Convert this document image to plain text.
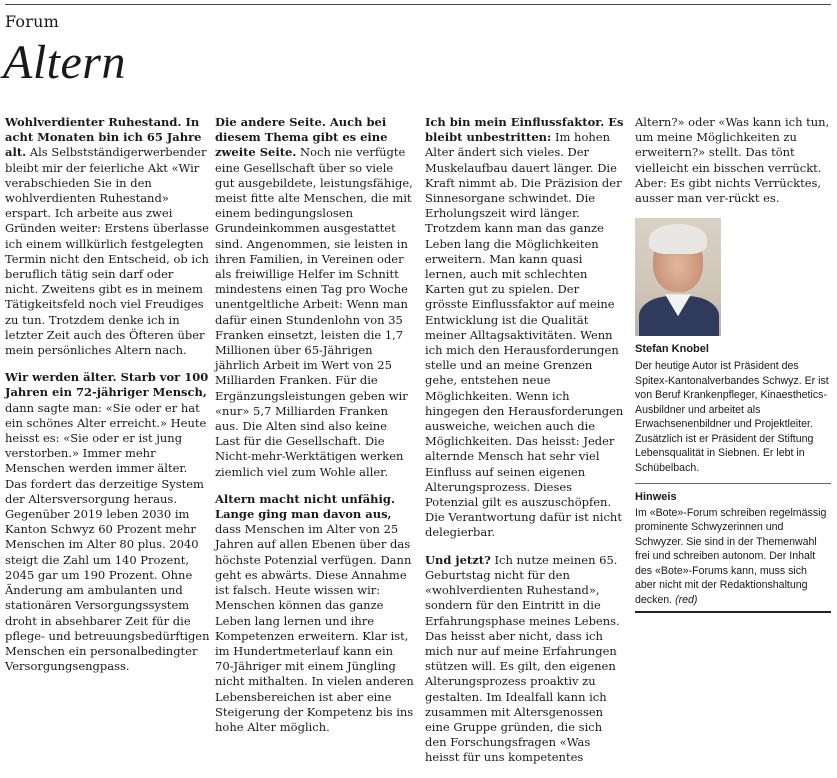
Forum
Altern

Wohlverdienter Ruhestand. In acht Monaten bin ich 65 Jahre alt. Als Selbstständigerwerbender bleibt mir der feierliche Akt «Wir verabschieden Sie in den wohlverdienten Ruhestand» erspart. Ich arbeite aus zwei Gründen weiter: Erstens überlasse ich einem willkürlich festgelegten Termin nicht den Entscheid, ob ich beruflich tätig sein darf oder nicht. Zweitens gibt es in meinem Tätigkeitsfeld noch viel Freudiges zu tun. Trotzdem denke ich in letzter Zeit auch des Öfteren über mein persönliches Altern nach.

Wir werden älter. Starb vor 100 Jahren ein 72-jähriger Mensch, dann sagte man: «Sie oder er hat ein schönes Alter erreicht.» Heute heisst es: «Sie oder er ist jung verstorben.» Immer mehr Menschen werden immer älter. Das fordert das derzeitige System der Altersversorgung heraus. Gegenüber 2019 leben 2030 im Kanton Schwyz 60 Prozent mehr Menschen im Alter 80 plus. 2040 steigt die Zahl um 140 Prozent, 2045 gar um 190 Prozent. Ohne Änderung am ambulanten und stationären Versorgungssystem droht in absehbarer Zeit für die pflege- und betreuungsbedürftigen Menschen ein personalbedingter Versorgungsengpass.

Die andere Seite. Auch bei diesem Thema gibt es eine zweite Seite. Noch nie verfügte eine Gesellschaft über so viele gut ausgebildete, leistungsfähige, meist fitte alte Menschen, die mit einem bedingungslosen Grundeinkommen ausgestattet sind. Angenommen, sie leisten in ihren Familien, in Vereinen oder als freiwillige Helfer im Schnitt mindestens einen Tag pro Woche unentgeltliche Arbeit: Wenn man dafür einen Stundenlohn von 35 Franken einsetzt, leisten die 1,7 Millionen über 65-Jährigen jährlich Arbeit im Wert von 25 Milliarden Franken. Für die Ergänzungsleistungen geben wir «nur» 5,7 Milliarden Franken aus. Die Alten sind also keine Last für die Gesellschaft. Die Nicht-mehr-Werktätigen werken ziemlich viel zum Wohle aller.

Altern macht nicht unfähig. Lange ging man davon aus, dass Menschen im Alter von 25 Jahren auf allen Ebenen über das höchste Potenzial verfügen. Dann geht es abwärts. Diese Annahme ist falsch. Heute wissen wir: Menschen können das ganze Leben lang lernen und ihre Kompetenzen erweitern. Klar ist, im Hundertmeterlauf kann ein 70-Jähriger mit einem Jüngling nicht mithalten. In vielen anderen Lebensbereichen ist aber eine Steigerung der Kompetenz bis ins hohe Alter möglich.

Ich bin mein Einflussfaktor. Es bleibt unbestritten: Im hohen Alter ändert sich vieles. Der Muskelaufbau dauert länger. Die Kraft nimmt ab. Die Präzision der Sinnesorgane schwindet. Die Erholungszeit wird länger. Trotzdem kann man das ganze Leben lang die Möglichkeiten erweitern. Man kann quasi lernen, auch mit schlechten Karten gut zu spielen. Der grösste Einflussfaktor auf meine Entwicklung ist die Qualität meiner Alltagsaktivitäten. Wenn ich mich den Herausforderungen stelle und an meine Grenzen gehe, entstehen neue Möglichkeiten. Wenn ich hingegen den Herausforderungen ausweiche, weichen auch die Möglichkeiten. Das heisst: Jeder alternde Mensch hat sehr viel Einfluss auf seinen eigenen Alterungsprozess. Dieses Potenzial gilt es auszuschöpfen. Die Verantwortung dafür ist nicht delegierbar.

Und jetzt? Ich nutze meinen 65. Geburtstag nicht für den «wohlverdienten Ruhestand», sondern für den Eintritt in die Erfahrungsphase meines Lebens. Das heisst aber nicht, dass ich mich nur auf meine Erfahrungen stützen will. Es gilt, den eigenen Alterungsprozess proaktiv zu gestalten. Im Idealfall kann ich zusammen mit Altersgenossen eine Gruppe gründen, die sich den Forschungsfragen «Was heisst für uns kompetentes

Altern?» oder «Was kann ich tun, um meine Möglichkeiten zu erweitern?» stellt. Das tönt vielleicht ein bisschen verrückt. Aber: Es gibt nichts Verrücktes, ausser man ver-rückt es.

Stefan Knobel
Der heutige Autor ist Präsident des Spitex-Kantonalverbandes Schwyz. Er ist von Beruf Krankenpfleger, Kinaesthetics-Ausbildner und arbeitet als Erwachsenenbildner und Projektleiter. Zusätzlich ist er Präsident der Stiftung Lebensqualität in Siebnen. Er lebt in Schübelbach.
Hinweis
Im «Bote»-Forum schreiben regelmässig prominente Schwyzerinnen und Schwyzer. Sie sind in der Themenwahl frei und schreiben autonom. Der Inhalt des «Bote»-Forums kann, muss sich aber nicht mit der Redaktionshaltung decken. (red)
